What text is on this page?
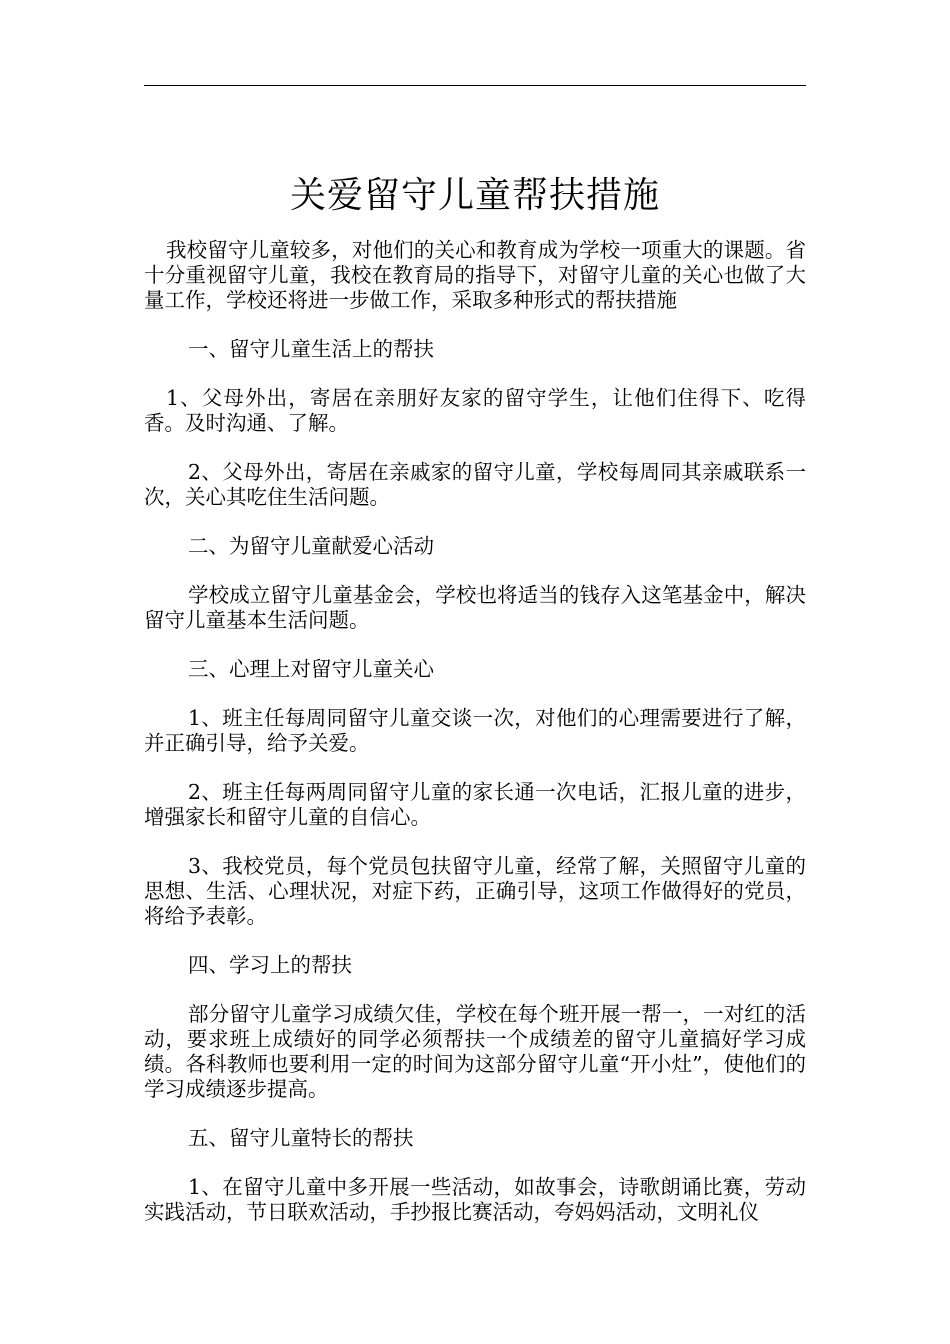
关爱留守儿童帮扶措施

我校留守儿童较多，对他们的关心和教育成为学校一项重大的课题。省十分重视留守儿童，我校在教育局的指导下，对留守儿童的关心也做了大量工作，学校还将进一步做工作，采取多种形式的帮扶措施

一、留守儿童生活上的帮扶

1、父母外出，寄居在亲朋好友家的留守学生，让他们住得下、吃得香。及时沟通、了解。

2、父母外出，寄居在亲戚家的留守儿童，学校每周同其亲戚联系一次，关心其吃住生活问题。

二、为留守儿童献爱心活动

学校成立留守儿童基金会，学校也将适当的钱存入这笔基金中，解决留守儿童基本生活问题。

三、心理上对留守儿童关心

1、班主任每周同留守儿童交谈一次，对他们的心理需要进行了解，并正确引导，给予关爱。

2、班主任每两周同留守儿童的家长通一次电话，汇报儿童的进步，增强家长和留守儿童的自信心。

3、我校党员，每个党员包扶留守儿童，经常了解，关照留守儿童的思想、生活、心理状况，对症下药，正确引导，这项工作做得好的党员，将给予表彰。

四、学习上的帮扶

部分留守儿童学习成绩欠佳，学校在每个班开展一帮一，一对红的活动，要求班上成绩好的同学必须帮扶一个成绩差的留守儿童搞好学习成绩。各科教师也要利用一定的时间为这部分留守儿童“开小灶”，使他们的学习成绩逐步提高。

五、留守儿童特长的帮扶

1、在留守儿童中多开展一些活动，如故事会，诗歌朗诵比赛，劳动实践活动，节日联欢活动，手抄报比赛活动，夸妈妈活动，文明礼仪
